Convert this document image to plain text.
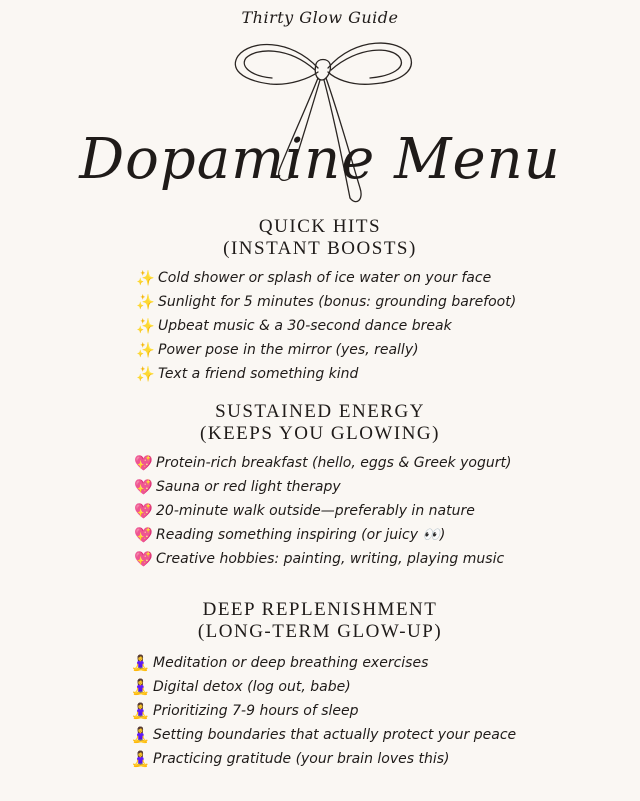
Thirty Glow Guide
Dopamine Menu
QUICK HITS
(INSTANT BOOSTS)
✨ Cold shower or splash of ice water on your face
✨ Sunlight for 5 minutes (bonus: grounding barefoot)
✨ Upbeat music & a 30-second dance break
✨ Power pose in the mirror (yes, really)
✨ Text a friend something kind
SUSTAINED ENERGY
(KEEPS YOU GLOWING)
💖 Protein-rich breakfast (hello, eggs & Greek yogurt)
💖 Sauna or red light therapy
💖 20-minute walk outside—preferably in nature
💖 Reading something inspiring (or juicy 👀)
💖 Creative hobbies: painting, writing, playing music
DEEP REPLENISHMENT
(LONG-TERM GLOW-UP)
🧘‍♀️ Meditation or deep breathing exercises
🧘‍♀️ Digital detox (log out, babe)
🧘‍♀️ Prioritizing 7-9 hours of sleep
🧘‍♀️ Setting boundaries that actually protect your peace
🧘‍♀️ Practicing gratitude (your brain loves this)
